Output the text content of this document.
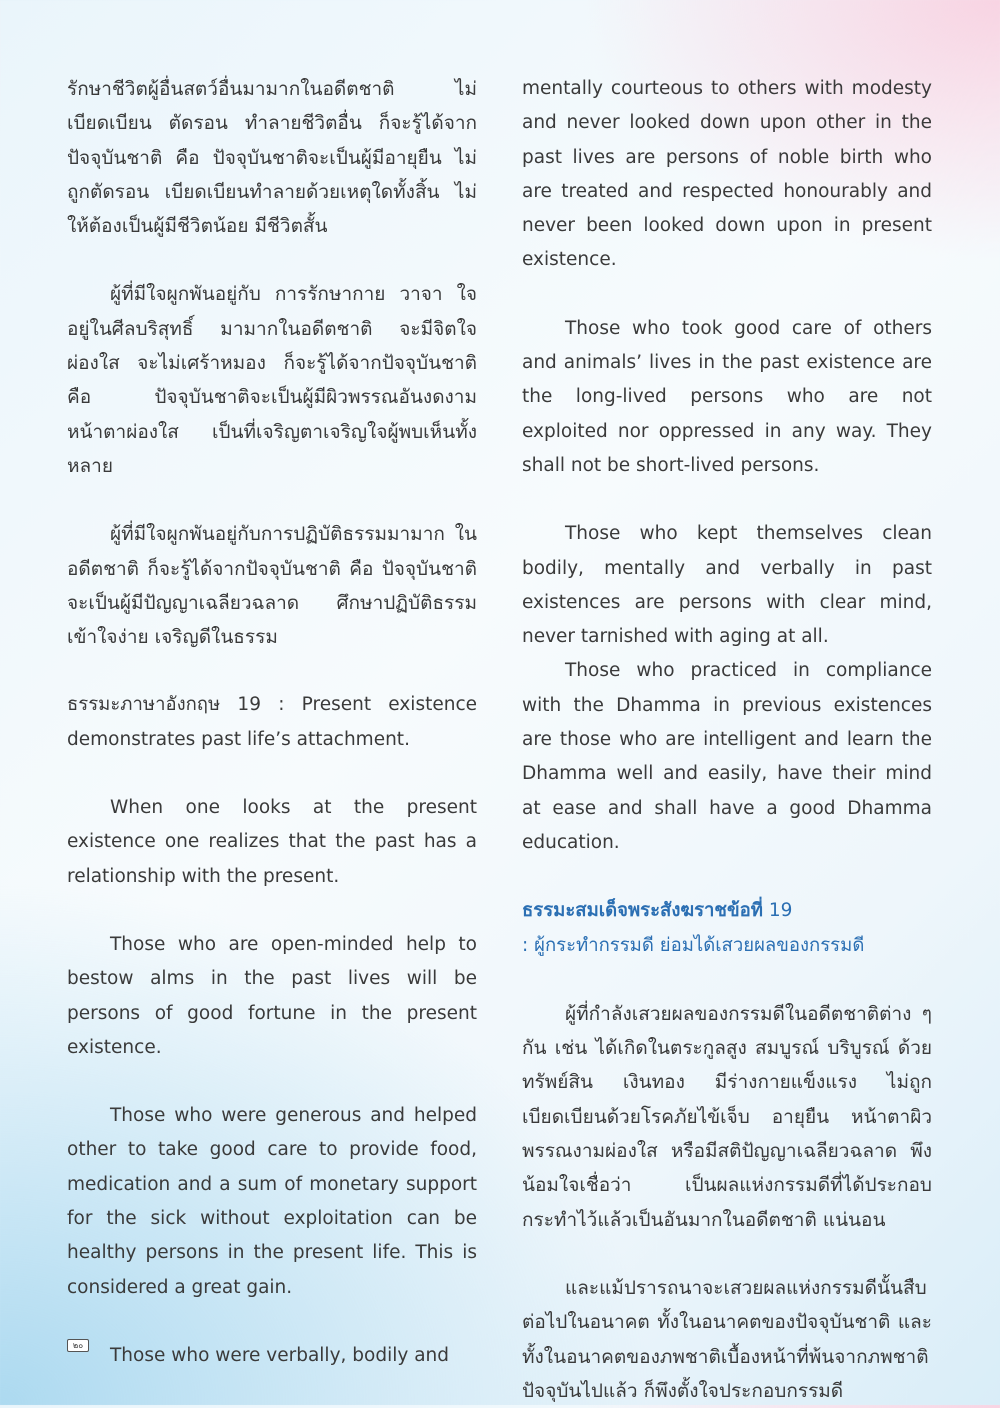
รักษาชีวิตผู้อื่นสตว์อื่นมามากในอดีตชาติ ไม่เบียดเบียน ตัดรอน ทำลายชีวิตอื่น ก็จะรู้ได้จากปัจจุบันชาติ คือ ปัจจุบันชาติจะเป็นผู้มีอายุยืน ไม่ถูกตัดรอน เบียดเบียนทำลายด้วยเหตุใดทั้งสิ้น ไม่ให้ต้องเป็นผู้มีชีวิตน้อย มีชีวิตสั้น

ผู้ที่มีใจผูกพันอยู่กับ การรักษากาย วาจา ใจ อยู่ในศีลบริสุทธิ์ มามากในอดีตชาติ จะมีจิตใจผ่องใส จะไม่เศร้าหมอง ก็จะรู้ได้จากปัจจุบันชาติ คือ ปัจจุบันชาติจะเป็นผู้มีผิวพรรณอันงดงาม หน้าตาผ่องใส เป็นที่เจริญตาเจริญใจผู้พบเห็นทั้งหลาย

ผู้ที่มีใจผูกพันอยู่กับการปฏิบัติธรรมมามาก ในอดีตชาติ ก็จะรู้ได้จากปัจจุบันชาติ คือ ปัจจุบันชาติจะเป็นผู้มีปัญญาเฉลียวฉลาด ศึกษาปฏิบัติธรรมเข้าใจง่าย เจริญดีในธรรม

ธรรมะภาษาอังกฤษ 19 : Present existence demonstrates past life’s attachment.

When one looks at the present existence one realizes that the past has a relationship with the present.

Those who are open-minded help to bestow alms in the past lives will be persons of good fortune in the present existence.

Those who were generous and helped other to take good care to provide food, medication and a sum of monetary support for the sick without exploitation can be healthy persons in the present life. This is considered a great gain.

Those who were verbally, bodily and

mentally courteous to others with modesty and never looked down upon other in the past lives are persons of noble birth who are treated and respected honourably and never been looked down upon in present existence.

Those who took good care of others and animals’ lives in the past existence are the long-lived persons who are not exploited nor oppressed in any way. They shall not be short-lived persons.

Those who kept themselves clean bodily, mentally and verbally in past existences are persons with clear mind, never tarnished with aging at all.

Those who practiced in compliance with the Dhamma in previous existences are those who are intelligent and learn the Dhamma well and easily, have their mind at ease and shall have a good Dhamma education.

ธรรมะสมเด็จพระสังฆราชข้อที่ 19

: ผู้กระทำกรรมดี ย่อมได้เสวยผลของกรรมดี

ผู้ที่กำลังเสวยผลของกรรมดีในอดีตชาติต่าง ๆ กัน เช่น ได้เกิดในตระกูลสูง สมบูรณ์ บริบูรณ์ ด้วยทรัพย์สิน เงินทอง มีร่างกายแข็งแรง ไม่ถูกเบียดเบียนด้วยโรคภัยไข้เจ็บ อายุยืน หน้าตาผิวพรรณงามผ่องใส หรือมีสติปัญญาเฉลียวฉลาด พึงน้อมใจเชื่อว่า เป็นผลแห่งกรรมดีที่ได้ประกอบกระทำไว้แล้วเป็นอันมากในอดีตชาติ แน่นอน

และแม้ปรารถนาจะเสวยผลแห่งกรรมดีนั้นสืบต่อไปในอนาคต ทั้งในอนาคตของปัจจุบันชาติ และทั้งในอนาคตของภพชาติเบื้องหน้าที่พ้นจากภพชาติปัจจุบันไปแล้ว ก็พึงตั้งใจประกอบกรรมดี

๒๐
